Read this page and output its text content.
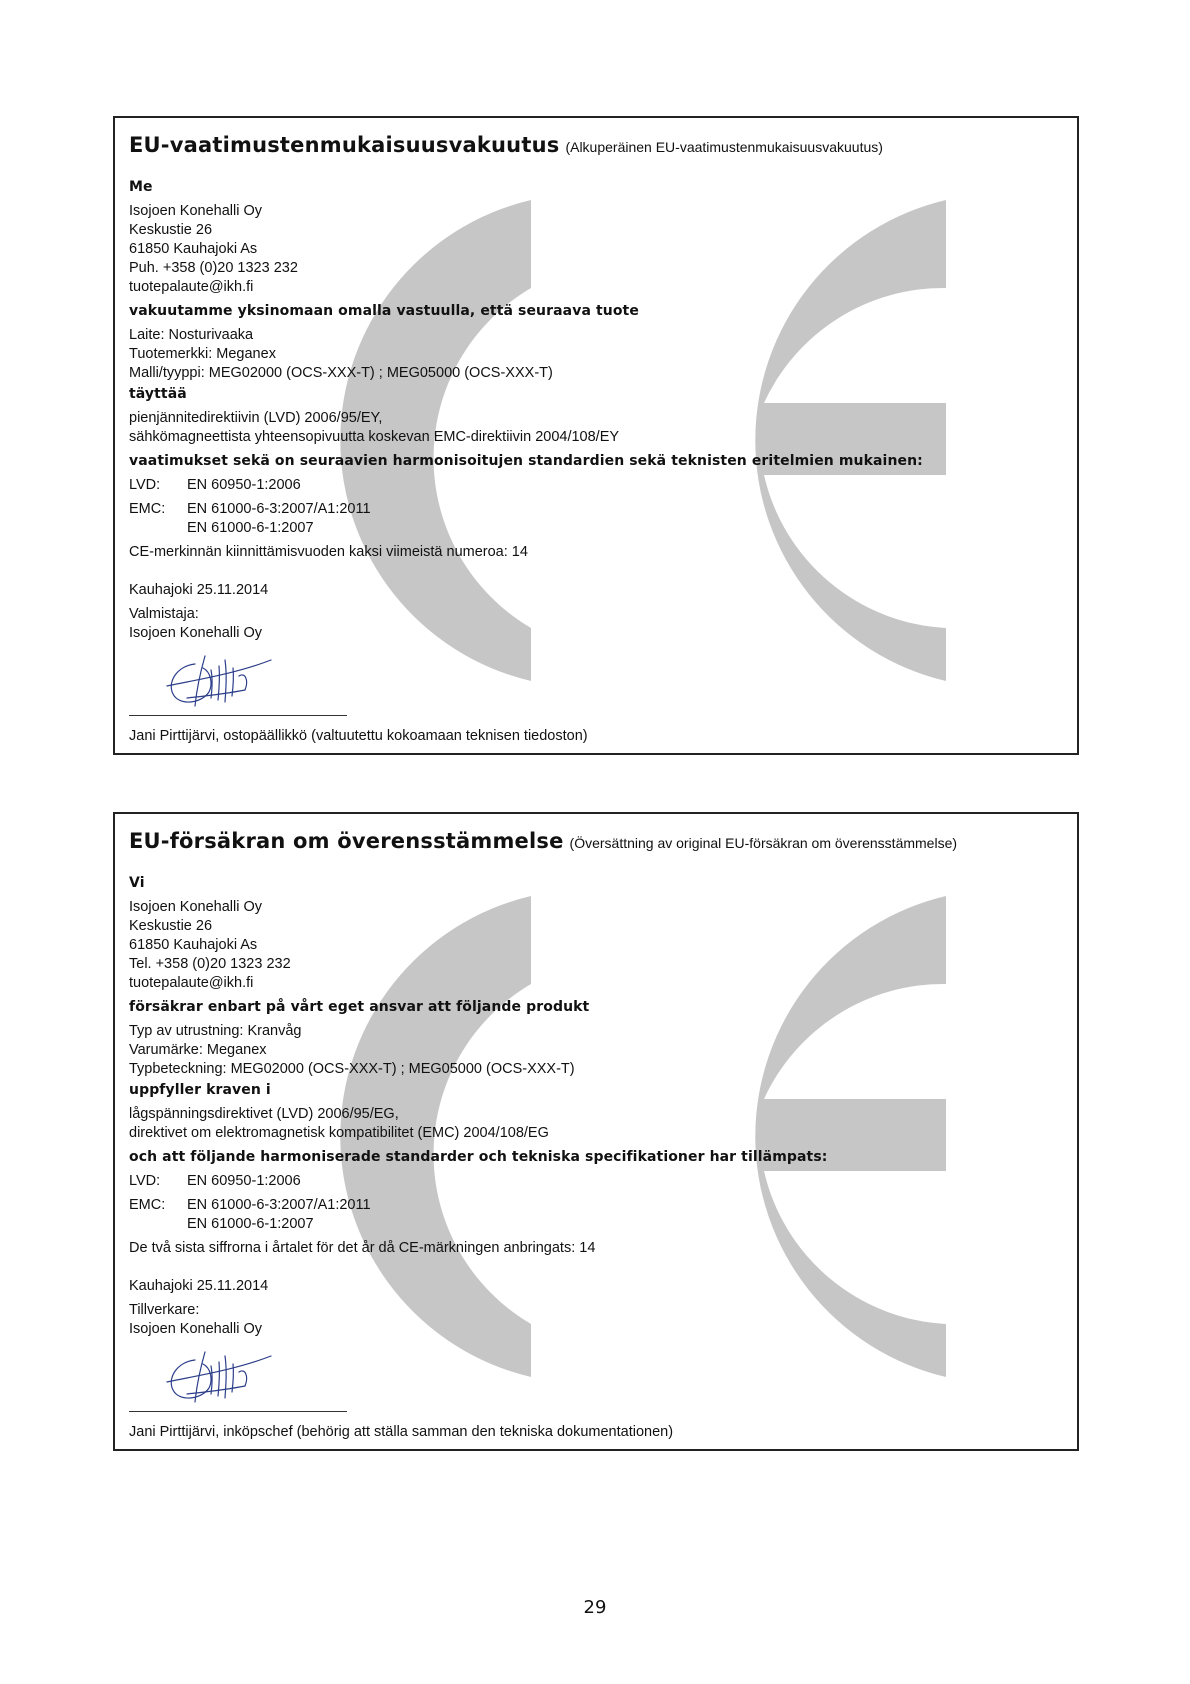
EU-vaatimustenmukaisuusvakuutus (Alkuperäinen EU-vaatimustenmukaisuusvakuutus)
Me
Isojoen Konehalli Oy
Keskustie 26
61850 Kauhajoki As
Puh. +358 (0)20 1323 232
tuotepalaute@ikh.fi
vakuutamme yksinomaan omalla vastuulla, että seuraava tuote
Laite: Nosturivaaka
Tuotemerkki: Meganex
Malli/tyyppi: MEG02000 (OCS-XXX-T) ; MEG05000 (OCS-XXX-T)
täyttää
pienjännitedirektiivin (LVD) 2006/95/EY,
sähkömagneettista yhteensopivuutta koskevan EMC-direktiivin 2004/108/EY
vaatimukset sekä on seuraavien harmonisoitujen standardien sekä teknisten eritelmien mukainen:
LVD: EN 60950-1:2006
EMC: EN 61000-6-3:2007/A1:2011
EN 61000-6-1:2007
CE-merkinnän kiinnittämisvuoden kaksi viimeistä numeroa: 14
Kauhajoki 25.11.2014
Valmistaja:
Isojoen Konehalli Oy
Jani Pirttijärvi, ostopäällikkö (valtuutettu kokoamaan teknisen tiedoston)
EU-försäkran om överensstämmelse (Översättning av original EU-försäkran om överensstämmelse)
Vi
Isojoen Konehalli Oy
Keskustie 26
61850 Kauhajoki As
Tel. +358 (0)20 1323 232
tuotepalaute@ikh.fi
försäkrar enbart på vårt eget ansvar att följande produkt
Typ av utrustning: Kranvåg
Varumärke: Meganex
Typbeteckning: MEG02000 (OCS-XXX-T) ; MEG05000 (OCS-XXX-T)
uppfyller kraven i
lågspänningsdirektivet (LVD) 2006/95/EG,
direktivet om elektromagnetisk kompatibilitet (EMC) 2004/108/EG
och att följande harmoniserade standarder och tekniska specifikationer har tillämpats:
LVD: EN 60950-1:2006
EMC: EN 61000-6-3:2007/A1:2011
EN 61000-6-1:2007
De två sista siffrorna i årtalet för det år då CE-märkningen anbringats: 14
Kauhajoki 25.11.2014
Tillverkare:
Isojoen Konehalli Oy
Jani Pirttijärvi, inköpschef (behörig att ställa samman den tekniska dokumentationen)
29
